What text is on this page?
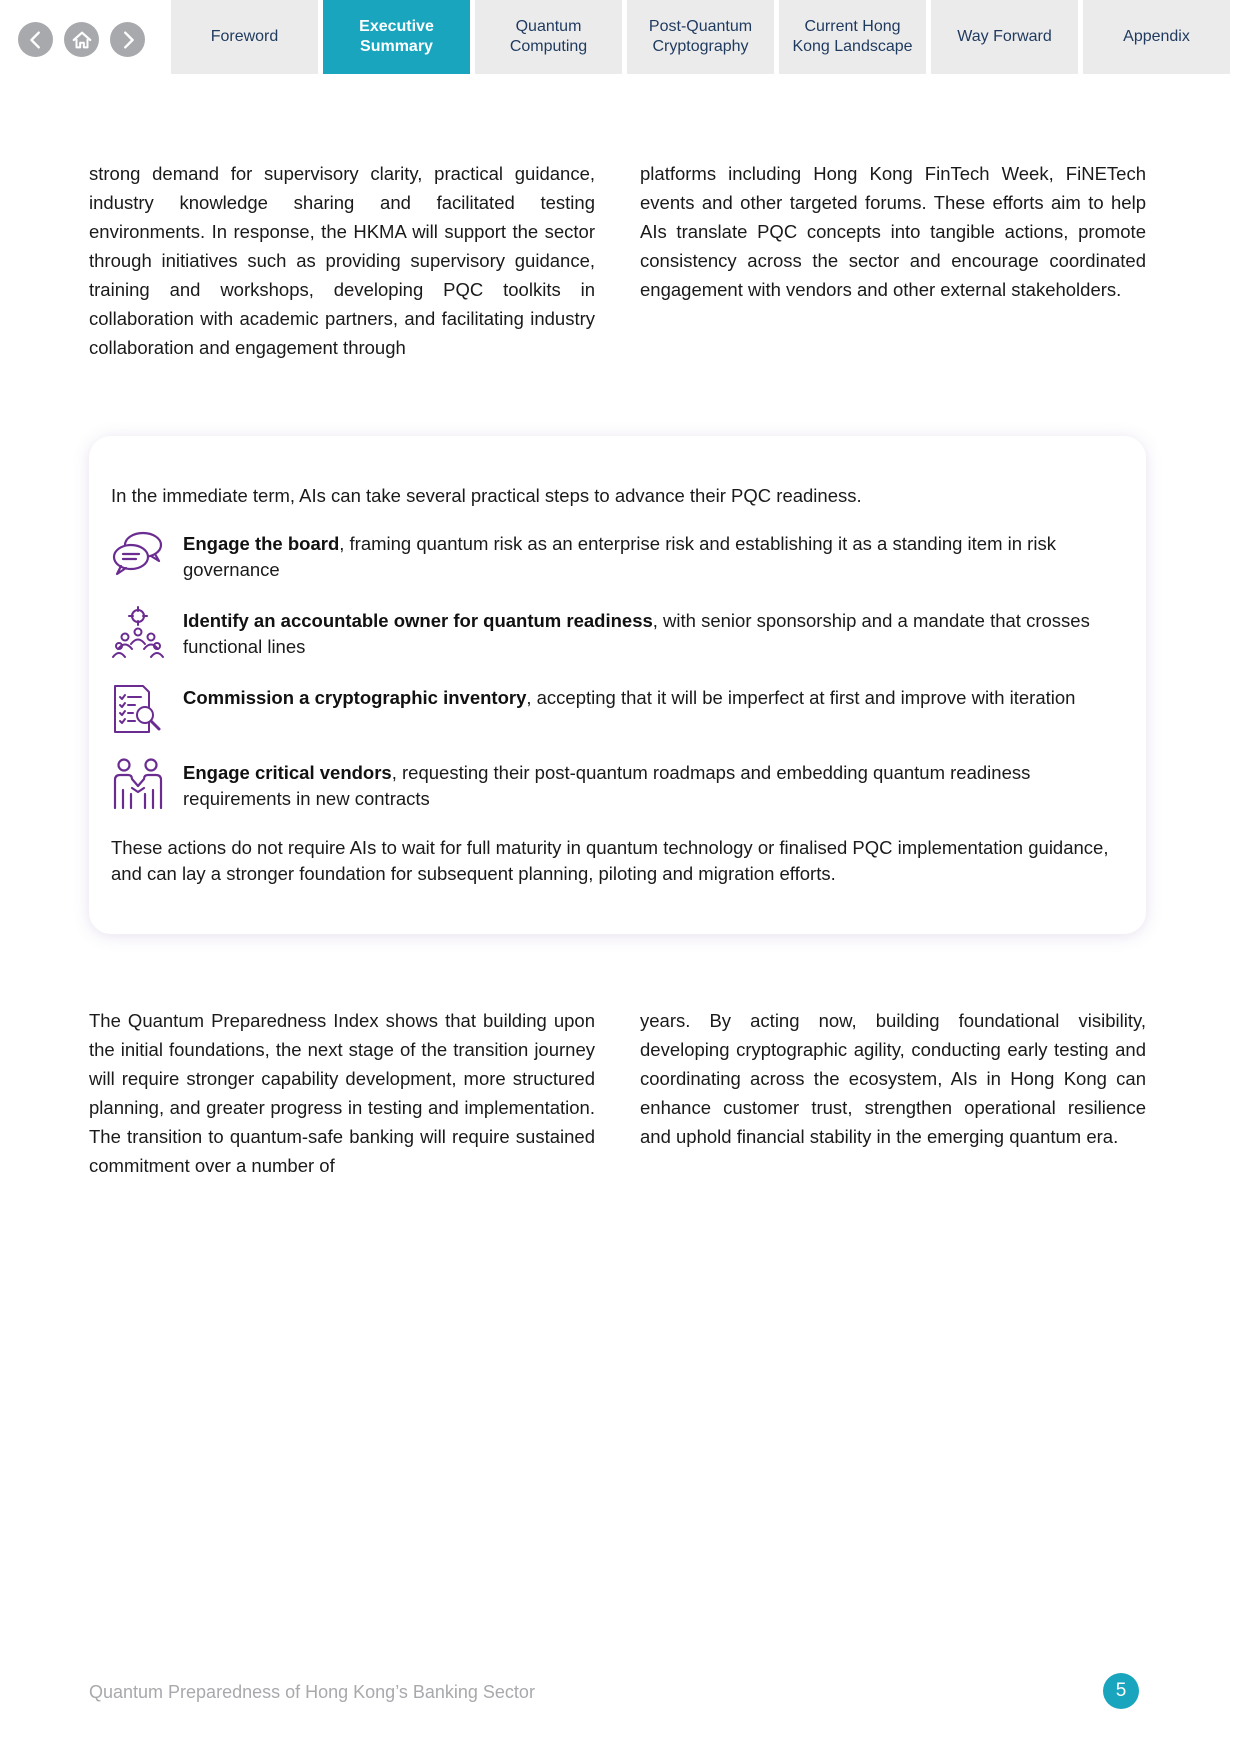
Foreword
Executive
Summary
Quantum
Computing
Post-Quantum
Cryptography
Current Hong
Kong Landscape
Way Forward	Appendix

strong demand for supervisory clarity, practical guidance, industry knowledge sharing and facilitated testing environments. In response, the HKMA will support the sector through initiatives such as providing supervisory guidance, training and workshops, developing PQC toolkits in collaboration with academic partners, and facilitating industry collaboration and engagement through

platforms including Hong Kong FinTech Week, FiNETech events and other targeted forums. These efforts aim to help AIs translate PQC concepts into tangible actions, promote consistency across the sector and encourage coordinated engagement with vendors and other external stakeholders.

In the immediate term, AIs can take several practical steps to advance their PQC readiness.

Engage the board, framing quantum risk as an enterprise risk and establishing it as a standing item in risk governance

Identify an accountable owner for quantum readiness, with senior sponsorship and a mandate that crosses functional lines

Commission a cryptographic inventory, accepting that it will be imperfect at first and improve with iteration

Engage critical vendors, requesting their post-quantum roadmaps and embedding quantum readiness requirements in new contracts

These actions do not require AIs to wait for full maturity in quantum technology or finalised PQC implementation guidance, and can lay a stronger foundation for subsequent planning, piloting and migration efforts.

The Quantum Preparedness Index shows that building upon the initial foundations, the next stage of the transition journey will require stronger capability development, more structured planning, and greater progress in testing and implementation. The transition to quantum-safe banking will require sustained commitment over a number of

years. By acting now, building foundational visibility, developing cryptographic agility, conducting early testing and coordinating across the ecosystem, AIs in Hong Kong can enhance customer trust, strengthen operational resilience and uphold financial stability in the emerging quantum era.

Quantum Preparedness of Hong Kong’s Banking Sector	5
